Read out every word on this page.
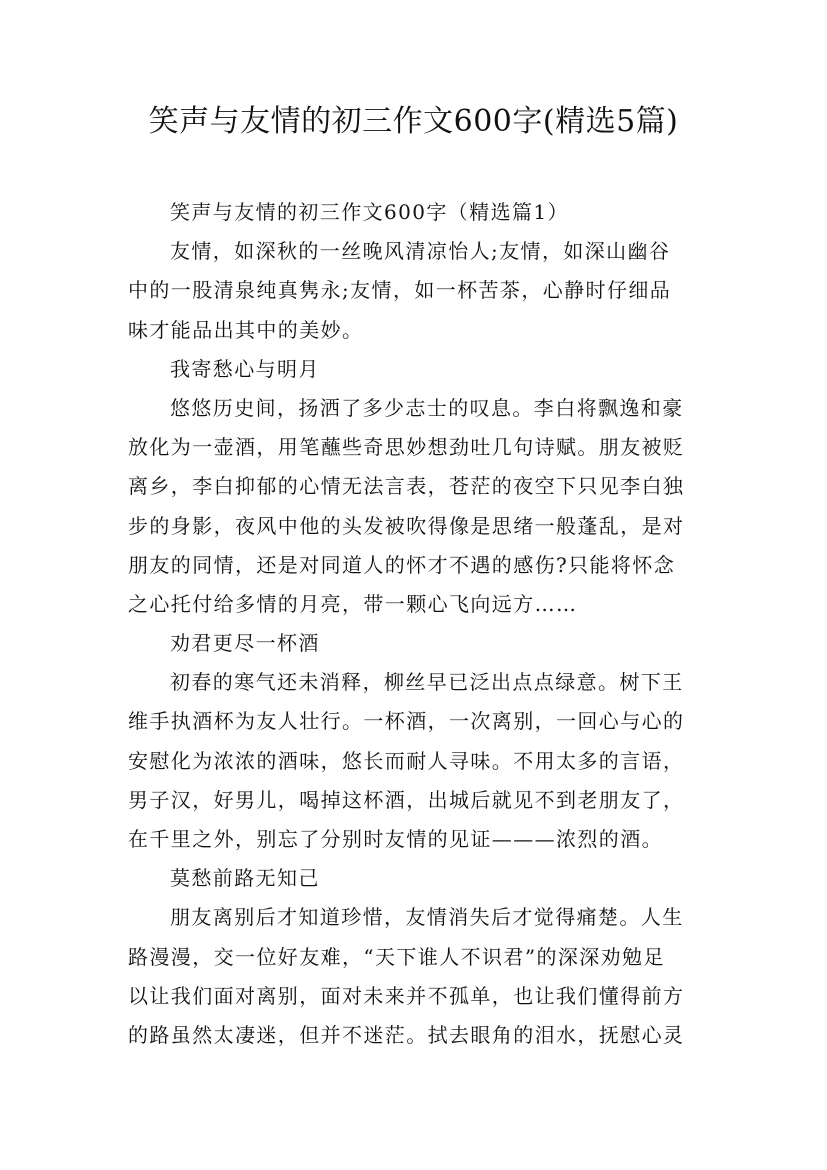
笑声与友情的初三作文600字(精选5篇)

笑声与友情的初三作文600字（精选篇1）

友情，如深秋的一丝晚风清凉怡人;友情，如深山幽谷

中的一股清泉纯真隽永;友情，如一杯苦茶，心静时仔细品

味才能品出其中的美妙。

我寄愁心与明月

悠悠历史间，扬洒了多少志士的叹息。李白将飘逸和豪

放化为一壶酒，用笔蘸些奇思妙想劲吐几句诗赋。朋友被贬

离乡，李白抑郁的心情无法言表，苍茫的夜空下只见李白独

步的身影，夜风中他的头发被吹得像是思绪一般蓬乱，是对

朋友的同情，还是对同道人的怀才不遇的感伤?只能将怀念

之心托付给多情的月亮，带一颗心飞向远方……

劝君更尽一杯酒

初春的寒气还未消释，柳丝早已泛出点点绿意。树下王

维手执酒杯为友人壮行。一杯酒，一次离别，一回心与心的

安慰化为浓浓的酒味，悠长而耐人寻味。不用太多的言语，

男子汉，好男儿，喝掉这杯酒，出城后就见不到老朋友了，

在千里之外，别忘了分别时友情的见证———浓烈的酒。

莫愁前路无知己

朋友离别后才知道珍惜，友情消失后才觉得痛楚。人生

路漫漫，交一位好友难，“天下谁人不识君”的深深劝勉足

以让我们面对离别，面对未来并不孤单，也让我们懂得前方

的路虽然太凄迷，但并不迷茫。拭去眼角的泪水，抚慰心灵
